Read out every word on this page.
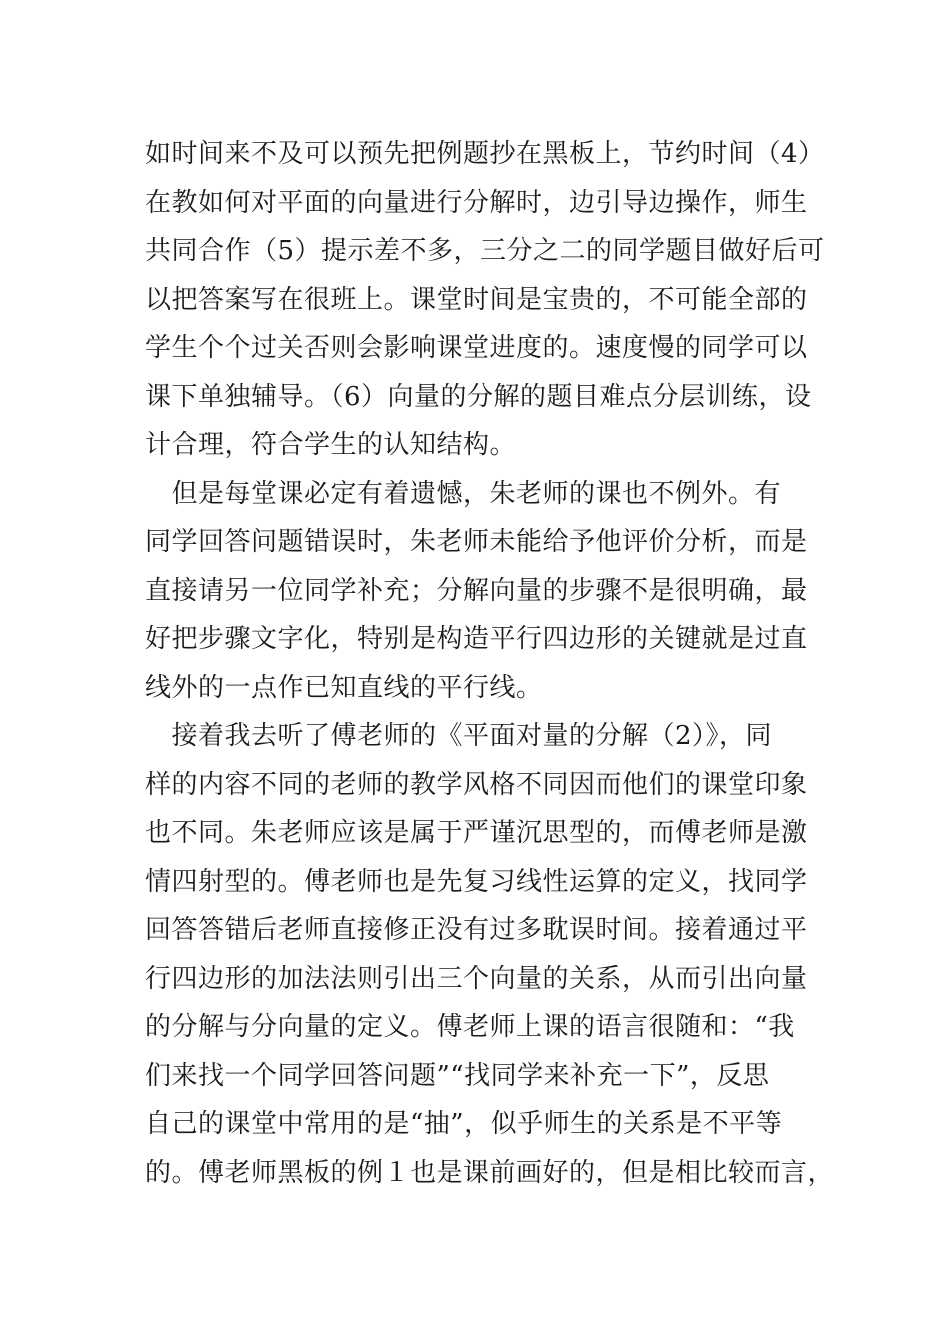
如时间来不及可以预先把例题抄在黑板上，节约时间（4）
在教如何对平面的向量进行分解时，边引导边操作，师生
共同合作（5）提示差不多，三分之二的同学题目做好后可
以把答案写在很班上。课堂时间是宝贵的，不可能全部的
学生个个过关否则会影响课堂进度的。速度慢的同学可以
课下单独辅导。（6）向量的分解的题目难点分层训练，设
计合理，符合学生的认知结构。
　但是每堂课必定有着遗憾，朱老师的课也不例外。有
同学回答问题错误时，朱老师未能给予他评价分析，而是
直接请另一位同学补充；分解向量的步骤不是很明确，最
好把步骤文字化，特别是构造平行四边形的关键就是过直
线外的一点作已知直线的平行线。
　接着我去听了傅老师的《平面对量的分解（2）》，同
样的内容不同的老师的教学风格不同因而他们的课堂印象
也不同。朱老师应该是属于严谨沉思型的，而傅老师是激
情四射型的。傅老师也是先复习线性运算的定义，找同学
回答答错后老师直接修正没有过多耽误时间。接着通过平
行四边形的加法法则引出三个向量的关系，从而引出向量
的分解与分向量的定义。傅老师上课的语言很随和：“我
们来找一个同学回答问题”“找同学来补充一下”，反思
自己的课堂中常用的是“抽”，似乎师生的关系是不平等
的。傅老师黑板的例１也是课前画好的，但是相比较而言，
